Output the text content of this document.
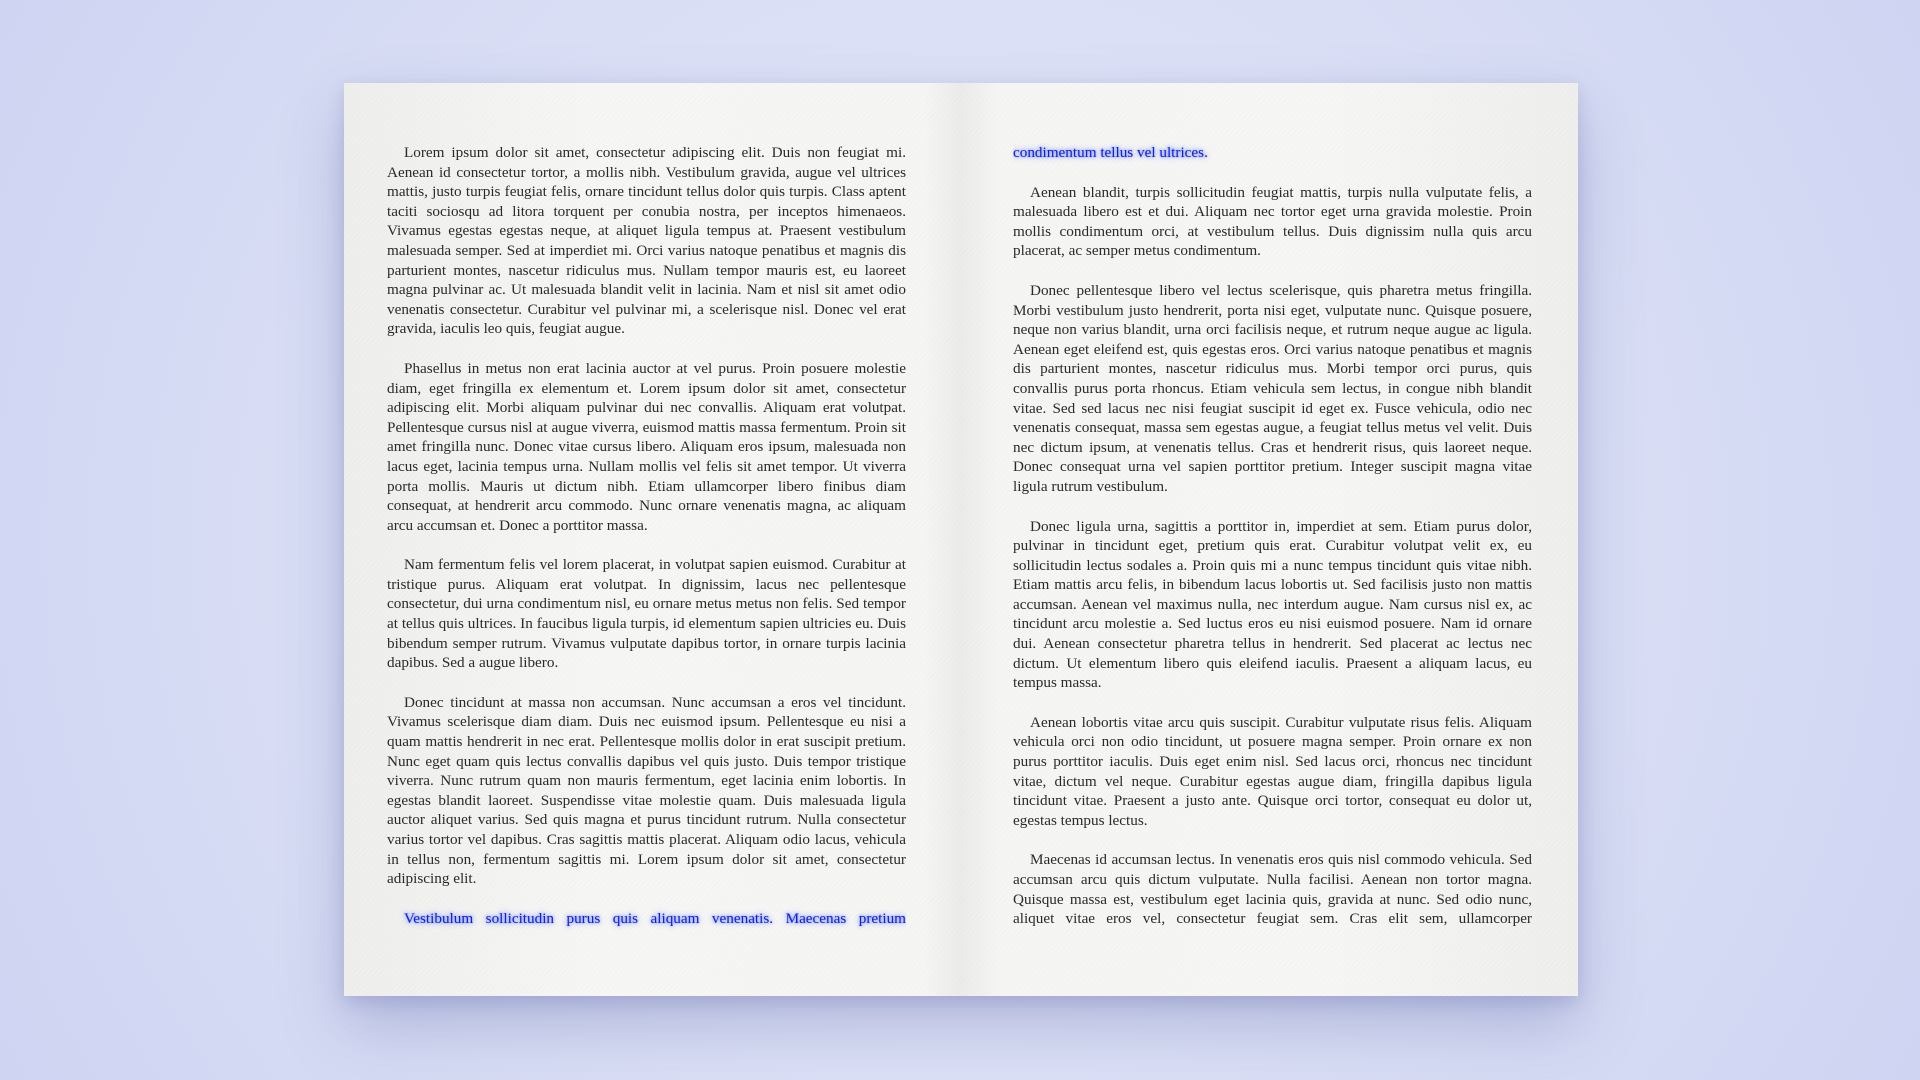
Lorem ipsum dolor sit amet, consectetur adipiscing elit. Duis non feugiat mi. Aenean id consectetur tortor, a mollis nibh. Vestibulum gravida, augue vel ultrices mattis, justo turpis feugiat felis, ornare tincidunt tellus dolor quis turpis. Class aptent taciti sociosqu ad litora torquent per conubia nostra, per inceptos himenaeos. Vivamus egestas egestas neque, at aliquet ligula tempus at. Praesent vestibulum malesuada semper. Sed at imperdiet mi. Orci varius natoque penatibus et magnis dis parturient montes, nascetur ridiculus mus. Nullam tempor mauris est, eu laoreet magna pulvinar ac. Ut malesuada blandit velit in lacinia. Nam et nisl sit amet odio venenatis consectetur. Curabitur vel pulvinar mi, a scelerisque nisl. Donec vel erat gravida, iaculis leo quis, feugiat augue.

Phasellus in metus non erat lacinia auctor at vel purus. Proin posuere molestie diam, eget fringilla ex elementum et. Lorem ipsum dolor sit amet, consectetur adipiscing elit. Morbi aliquam pulvinar dui nec convallis. Aliquam erat volutpat. Pellentesque cursus nisl at augue viverra, euismod mattis massa fermentum. Proin sit amet fringilla nunc. Donec vitae cursus libero. Aliquam eros ipsum, malesuada non lacus eget, lacinia tempus urna. Nullam mollis vel felis sit amet tempor. Ut viverra porta mollis. Mauris ut dictum nibh. Etiam ullamcorper libero finibus diam consequat, at hendrerit arcu commodo. Nunc ornare venenatis magna, ac aliquam arcu accumsan et. Donec a porttitor massa.

Nam fermentum felis vel lorem placerat, in volutpat sapien euismod. Curabitur at tristique purus. Aliquam erat volutpat. In dignissim, lacus nec pellentesque consectetur, dui urna condimentum nisl, eu ornare metus metus non felis. Sed tempor at tellus quis ultrices. In faucibus ligula turpis, id elementum sapien ultricies eu. Duis bibendum semper rutrum. Vivamus vulputate dapibus tortor, in ornare turpis lacinia dapibus. Sed a augue libero.

Donec tincidunt at massa non accumsan. Nunc accumsan a eros vel tincidunt. Vivamus scelerisque diam diam. Duis nec euismod ipsum. Pellentesque eu nisi a quam mattis hendrerit in nec erat. Pellentesque mollis dolor in erat suscipit pretium. Nunc eget quam quis lectus convallis dapibus vel quis justo. Duis tempor tristique viverra. Nunc rutrum quam non mauris fermentum, eget lacinia enim lobortis. In egestas blandit laoreet. Suspendisse vitae molestie quam. Duis malesuada ligula auctor aliquet varius. Sed quis magna et purus tincidunt rutrum. Nulla consectetur varius tortor vel dapibus. Cras sagittis mattis placerat. Aliquam odio lacus, vehicula in tellus non, fermentum sagittis mi. Lorem ipsum dolor sit amet, consectetur adipiscing elit.

Vestibulum sollicitudin purus quis aliquam venenatis. Maecenas pretium

condimentum tellus vel ultrices.

Aenean blandit, turpis sollicitudin feugiat mattis, turpis nulla vulputate felis, a malesuada libero est et dui. Aliquam nec tortor eget urna gravida molestie. Proin mollis condimentum orci, at vestibulum tellus. Duis dignissim nulla quis arcu placerat, ac semper metus condimentum.

Donec pellentesque libero vel lectus scelerisque, quis pharetra metus fringilla. Morbi vestibulum justo hendrerit, porta nisi eget, vulputate nunc. Quisque posuere, neque non varius blandit, urna orci facilisis neque, et rutrum neque augue ac ligula. Aenean eget eleifend est, quis egestas eros. Orci varius natoque penatibus et magnis dis parturient montes, nascetur ridiculus mus. Morbi tempor orci purus, quis convallis purus porta rhoncus. Etiam vehicula sem lectus, in congue nibh blandit vitae. Sed sed lacus nec nisi feugiat suscipit id eget ex. Fusce vehicula, odio nec venenatis consequat, massa sem egestas augue, a feugiat tellus metus vel velit. Duis nec dictum ipsum, at venenatis tellus. Cras et hendrerit risus, quis laoreet neque. Donec consequat urna vel sapien porttitor pretium. Integer suscipit magna vitae ligula rutrum vestibulum.

Donec ligula urna, sagittis a porttitor in, imperdiet at sem. Etiam purus dolor, pulvinar in tincidunt eget, pretium quis erat. Curabitur volutpat velit ex, eu sollicitudin lectus sodales a. Proin quis mi a nunc tempus tincidunt quis vitae nibh. Etiam mattis arcu felis, in bibendum lacus lobortis ut. Sed facilisis justo non mattis accumsan. Aenean vel maximus nulla, nec interdum augue. Nam cursus nisl ex, ac tincidunt arcu molestie a. Sed luctus eros eu nisi euismod posuere. Nam id ornare dui. Aenean consectetur pharetra tellus in hendrerit. Sed placerat ac lectus nec dictum. Ut elementum libero quis eleifend iaculis. Praesent a aliquam lacus, eu tempus massa.

Aenean lobortis vitae arcu quis suscipit. Curabitur vulputate risus felis. Aliquam vehicula orci non odio tincidunt, ut posuere magna semper. Proin ornare ex non purus porttitor iaculis. Duis eget enim nisl. Sed lacus orci, rhoncus nec tincidunt vitae, dictum vel neque. Curabitur egestas augue diam, fringilla dapibus ligula tincidunt vitae. Praesent a justo ante. Quisque orci tortor, consequat eu dolor ut, egestas tempus lectus.

Maecenas id accumsan lectus. In venenatis eros quis nisl commodo vehicula. Sed accumsan arcu quis dictum vulputate. Nulla facilisi. Aenean non tortor magna. Quisque massa est, vestibulum eget lacinia quis, gravida at nunc. Sed odio nunc, aliquet vitae eros vel, consectetur feugiat sem. Cras elit sem, ullamcorper
